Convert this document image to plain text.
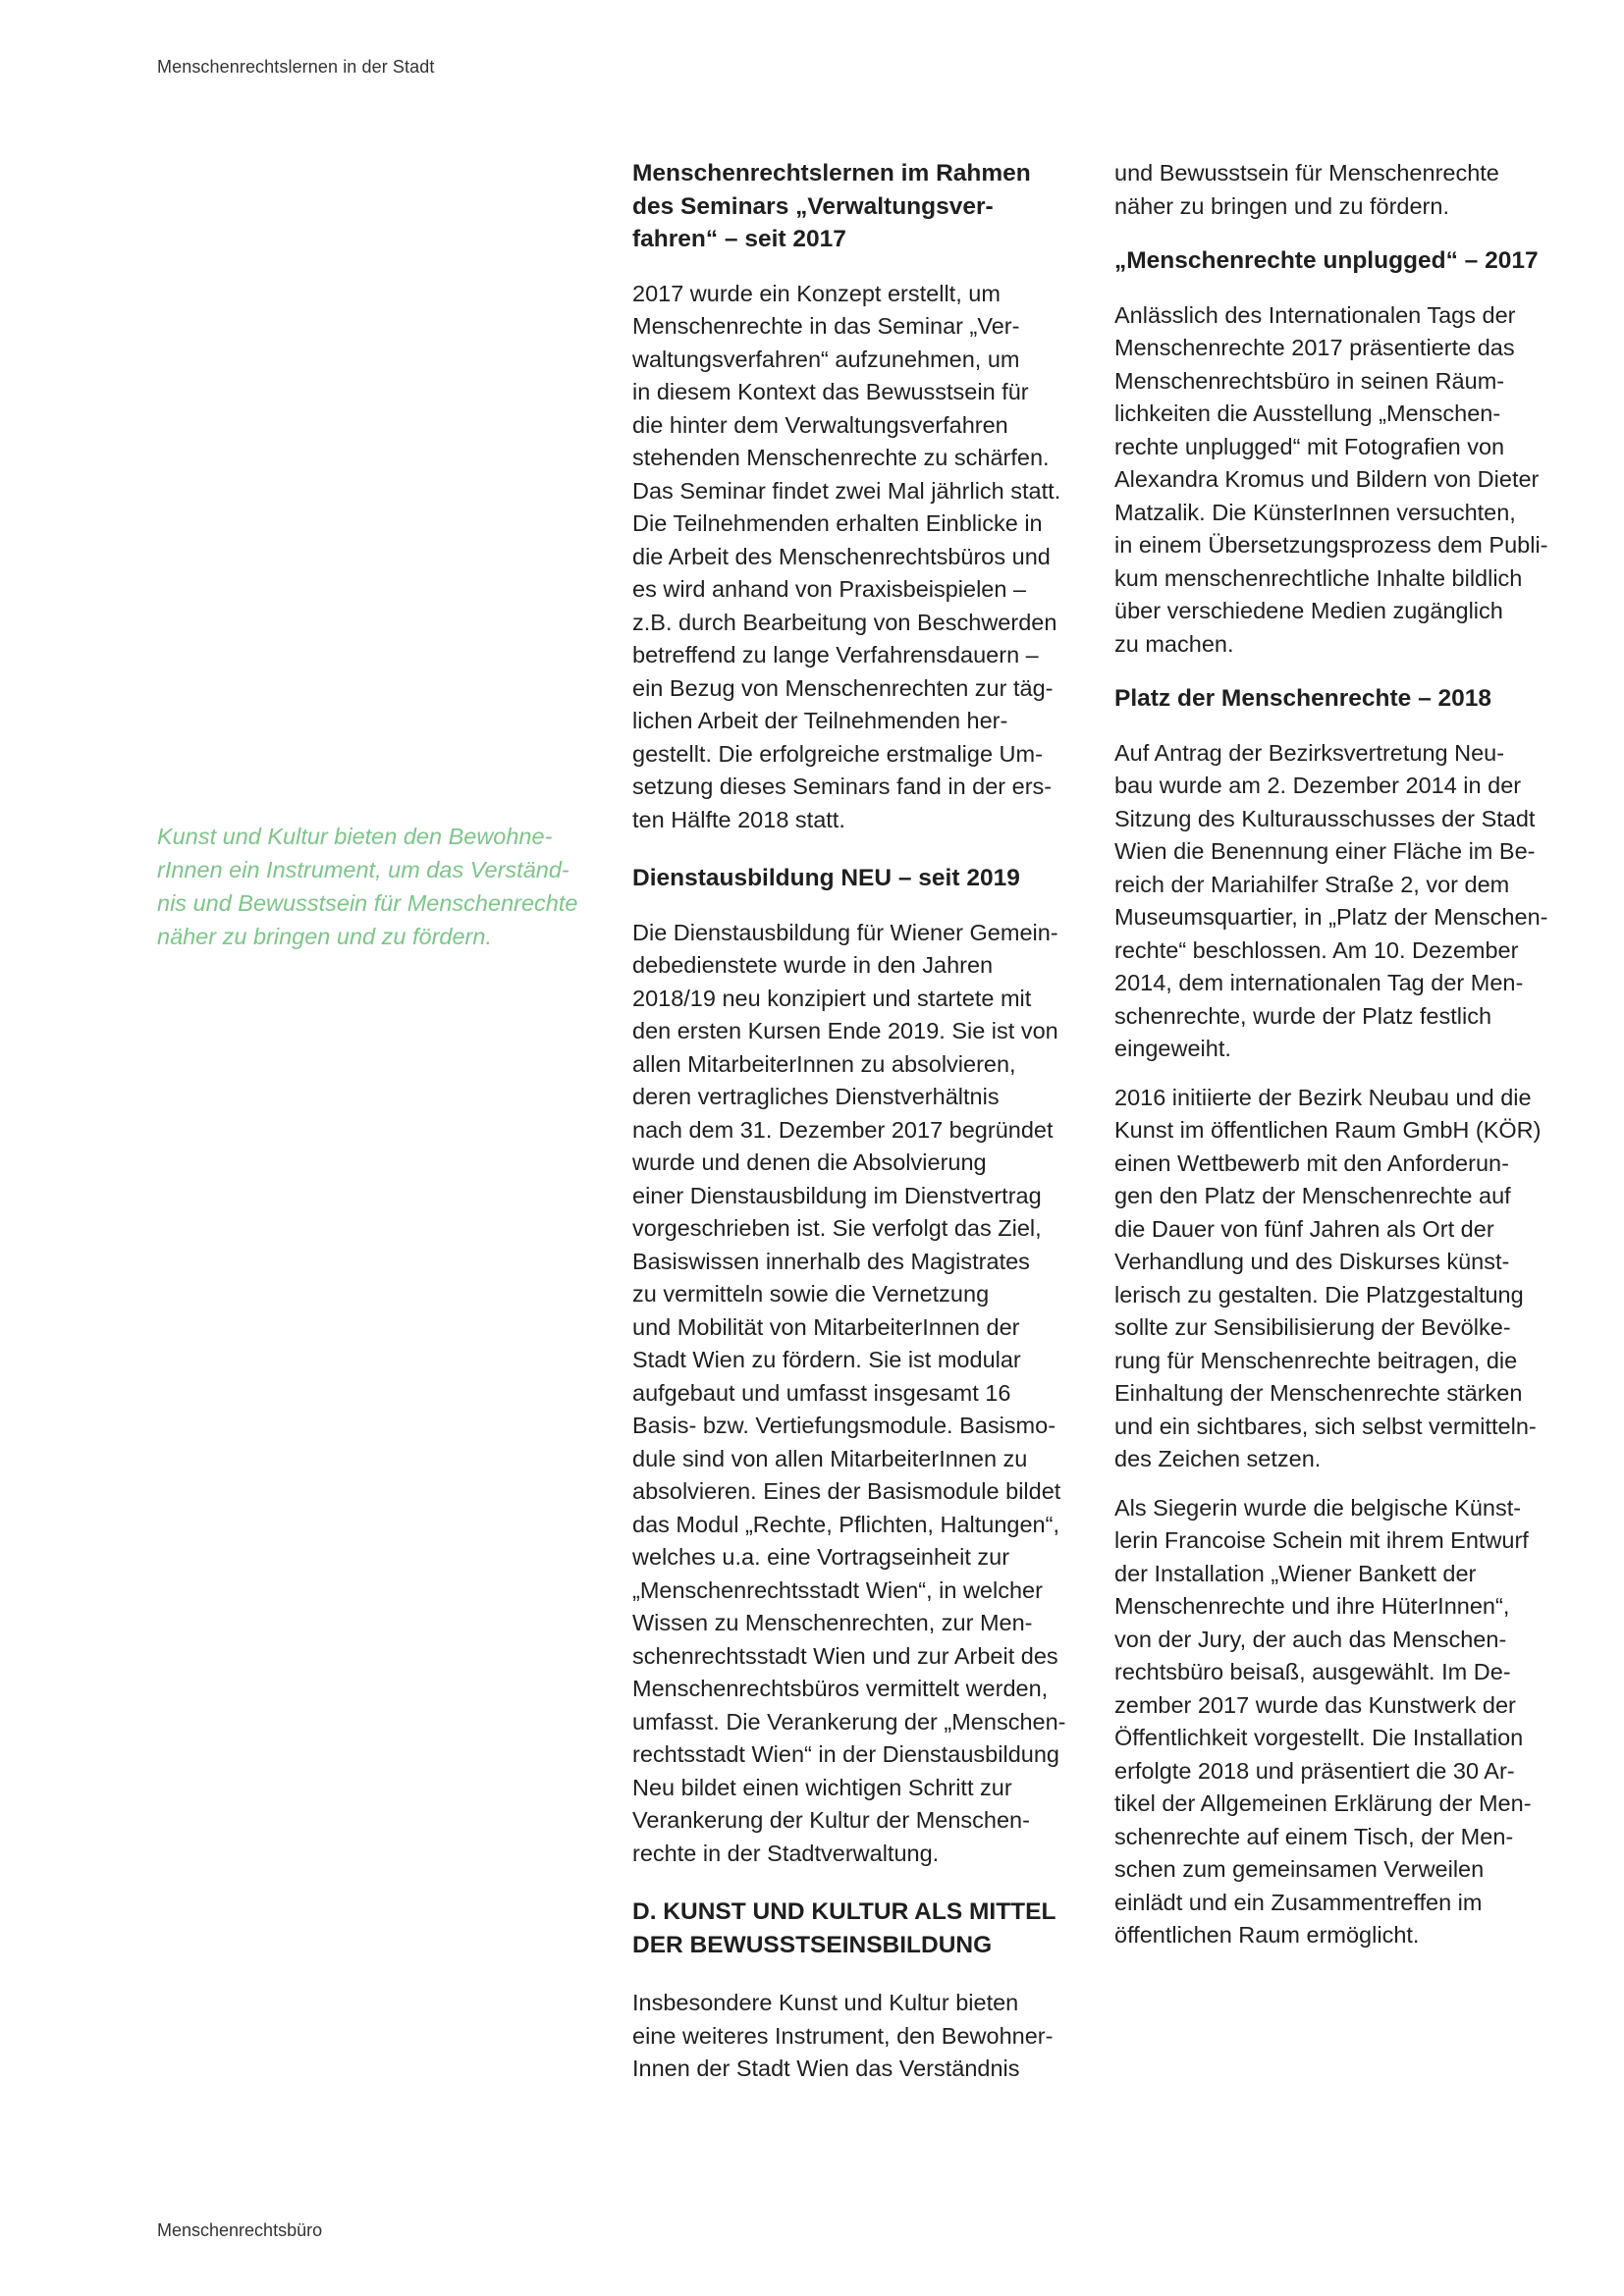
Menschenrechtslernen in der Stadt
Kunst und Kultur bieten den Bewohne-
rInnen ein Instrument, um das Verständ-
nis und Bewusstsein für Menschenrechte
näher zu bringen und zu fördern.
Menschenrechtslernen im Rahmen
des Seminars „Verwaltungsver-
fahren“ – seit 2017

2017 wurde ein Konzept erstellt, um
Menschenrechte in das Seminar „Ver-
waltungsverfahren“ aufzunehmen, um
in diesem Kontext das Bewusstsein für
die hinter dem Verwaltungsverfahren
stehenden Menschenrechte zu schärfen.
Das Seminar findet zwei Mal jährlich statt.
Die Teilnehmenden erhalten Einblicke in
die Arbeit des Menschenrechtsbüros und
es wird anhand von Praxisbeispielen –
z.B. durch Bearbeitung von Beschwerden
betreffend zu lange Verfahrensdauern –
ein Bezug von Menschenrechten zur täg-
lichen Arbeit der Teilnehmenden her-
gestellt. Die erfolgreiche erstmalige Um-
setzung dieses Seminars fand in der ers-
ten Hälfte 2018 statt.

Dienstausbildung NEU – seit 2019

Die Dienstausbildung für Wiener Gemein-
debedienstete wurde in den Jahren
2018/19 neu konzipiert und startete mit
den ersten Kursen Ende 2019. Sie ist von
allen MitarbeiterInnen zu absolvieren,
deren vertragliches Dienstverhältnis
nach dem 31. Dezember 2017 begründet
wurde und denen die Absolvierung
einer Dienstausbildung im Dienstvertrag
vorgeschrieben ist. Sie verfolgt das Ziel,
Basiswissen innerhalb des Magistrates
zu vermitteln sowie die Vernetzung
und Mobilität von MitarbeiterInnen der
Stadt Wien zu fördern. Sie ist modular
aufgebaut und umfasst insgesamt 16
Basis- bzw. Vertiefungsmodule. Basismo-
dule sind von allen MitarbeiterInnen zu
absolvieren. Eines der Basismodule bildet
das Modul „Rechte, Pflichten, Haltungen“,
welches u.a. eine Vortragseinheit zur
„Menschenrechtsstadt Wien“, in welcher
Wissen zu Menschenrechten, zur Men-
schenrechtsstadt Wien und zur Arbeit des
Menschenrechtsbüros vermittelt werden,
umfasst. Die Verankerung der „Menschen-
rechtsstadt Wien“ in der Dienstausbildung
Neu bildet einen wichtigen Schritt zur
Verankerung der Kultur der Menschen-
rechte in der Stadtverwaltung.

D. KUNST UND KULTUR ALS MITTEL
DER BEWUSSTSEINSBILDUNG

Insbesondere Kunst und Kultur bieten
eine weiteres Instrument, den Bewohner-
Innen der Stadt Wien das Verständnis

und Bewusstsein für Menschenrechte
näher zu bringen und zu fördern.

„Menschenrechte unplugged“ – 2017

Anlässlich des Internationalen Tags der
Menschenrechte 2017 präsentierte das
Menschenrechtsbüro in seinen Räum-
lichkeiten die Ausstellung „Menschen-
rechte unplugged“ mit Fotografien von
Alexandra Kromus und Bildern von Dieter
Matzalik. Die KünsterInnen versuchten,
in einem Übersetzungsprozess dem Publi-
kum menschenrechtliche Inhalte bildlich
über verschiedene Medien zugänglich
zu machen.

Platz der Menschenrechte – 2018

Auf Antrag der Bezirksvertretung Neu-
bau wurde am 2. Dezember 2014 in der
Sitzung des Kulturausschusses der Stadt
Wien die Benennung einer Fläche im Be-
reich der Mariahilfer Straße 2, vor dem
Museumsquartier, in „Platz der Menschen-
rechte“ beschlossen. Am 10. Dezember
2014, dem internationalen Tag der Men-
schenrechte, wurde der Platz festlich
eingeweiht.

2016 initiierte der Bezirk Neubau und die
Kunst im öffentlichen Raum GmbH (KÖR)
einen Wettbewerb mit den Anforderun-
gen den Platz der Menschenrechte auf
die Dauer von fünf Jahren als Ort der
Verhandlung und des Diskurses künst-
lerisch zu gestalten. Die Platzgestaltung
sollte zur Sensibilisierung der Bevölke-
rung für Menschenrechte beitragen, die
Einhaltung der Menschenrechte stärken
und ein sichtbares, sich selbst vermitteln-
des Zeichen setzen.

Als Siegerin wurde die belgische Künst-
lerin Francoise Schein mit ihrem Entwurf
der Installation „Wiener Bankett der
Menschenrechte und ihre HüterInnen“,
von der Jury, der auch das Menschen-
rechtsbüro beisaß, ausgewählt. Im De-
zember 2017 wurde das Kunstwerk der
Öffentlichkeit vorgestellt. Die Installation
erfolgte 2018 und präsentiert die 30 Ar-
tikel der Allgemeinen Erklärung der Men-
schenrechte auf einem Tisch, der Men-
schen zum gemeinsamen Verweilen
einlädt und ein Zusammentreffen im
öffentlichen Raum ermöglicht.

Menschenrechtsbüro
